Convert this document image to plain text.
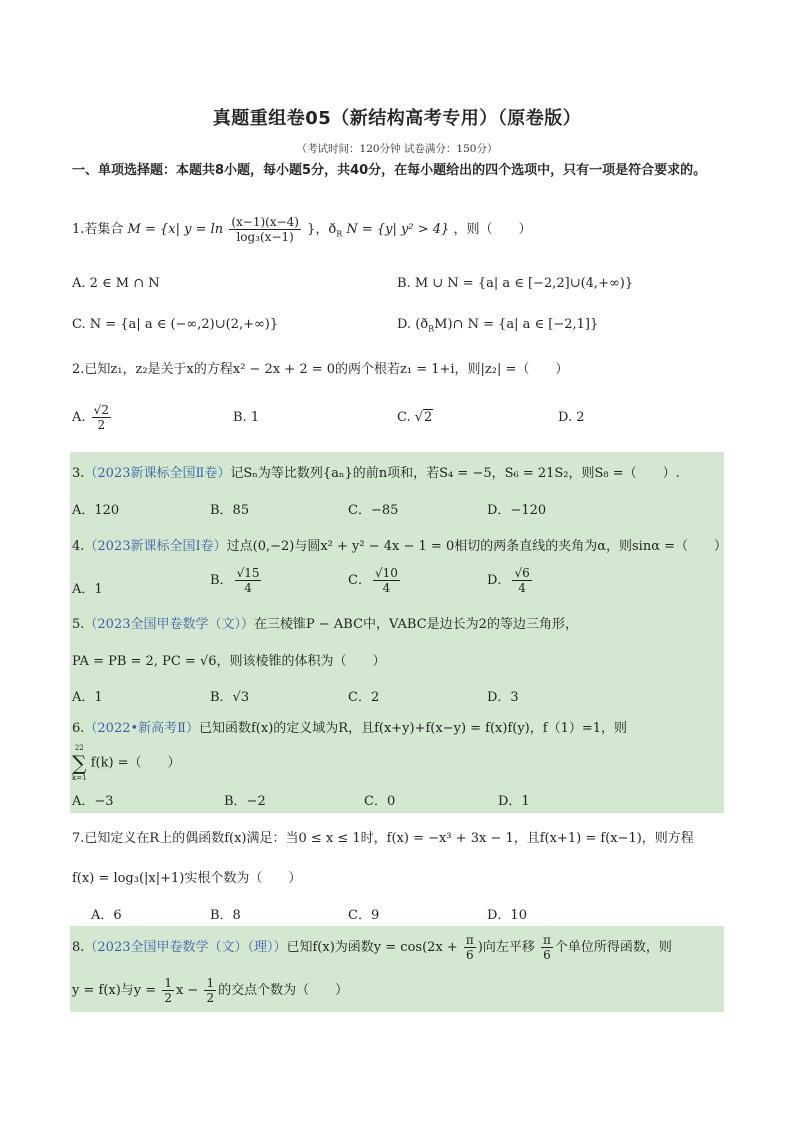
真题重组卷05（新结构高考专用）（原卷版）
（考试时间：120分钟 试卷满分：150分）
一、单项选择题：本题共8小题，每小题5分，共40分，在每小题给出的四个选项中，只有一项是符合要求的。
1.若集合 M = {x| $y = \ln \frac{(x-1)(x-4)}{\text{log₃(x−1)}}$ }，$ð_R$ N = {y| y² > 4} ，则（　　）
A. 2 ∈ M ∩ N	B. M ∪ N = {a| a ∈ [−2,2]∪(4,+∞)}
C. N = {a| a ∈ (−∞,2)∪(2,+∞)}	D. $(ð_RM)\cap$ N = {a| a ∈ [−2,1]}
2.已知z₁，z₂是关于x的方程x² − 2x + 2 = 0的两个根若z₁ = 1+i，则|z₂| =（　　）
A. $\frac{√2}{2}$	B. 1	C. √2	D. 2
3.（2023新课标全国Ⅱ卷）记Sₙ为等比数列{aₙ}的前n项和，若S₄ = −5，S₆ = 21S₂，则S₈ =（　　）.
A．120	B．85	C．−85	D．−120
4.（2023新课标全国Ⅰ卷）过点(0,−2)与圆x² + y² − 4x − 1 = 0相切的两条直线的夹角为α，则sinα =（　　）
A．1
B． $\frac{√15}{4}$	C． $\frac{√10}{4}$	D． $\frac{√6}{4}$
5.（2023全国甲卷数学（文））在三棱锥P − ABC中，VABC是边长为2的等边三角形，
PA = PB = 2, PC = √6，则该棱锥的体积为（　　）
A．1	B．√3	C．2	D．3
6.（2022•新高考Ⅱ）已知函数f(x)的定义域为R，且f(x+y)+f(x−y) = f(x)f(y)，f（1）=1，则
22
∑
k=1
f(k) =（　　）
A．−3	B．−2	C．0	D．1
7.已知定义在R上的偶函数f(x)满足：当0 ≤ x ≤ 1时，f(x) = −x³ + 3x − 1，且f(x+1) = f(x−1)，则方程
f(x) = log₃(|x|+1)实根个数为（　　）
A．6	B．8	C．9	D．10
8.（2023全国甲卷数学（文）（理））已知f(x)为函数$y = \cos(2x + \frac{\pi}{6}$ )向左平移 $\frac{\pi}{6}$ 个单位所得函数，则
y = f(x)与$y = \frac{1}{2}$ $x - \frac{1}{2}$ 的交点个数为（　　）
